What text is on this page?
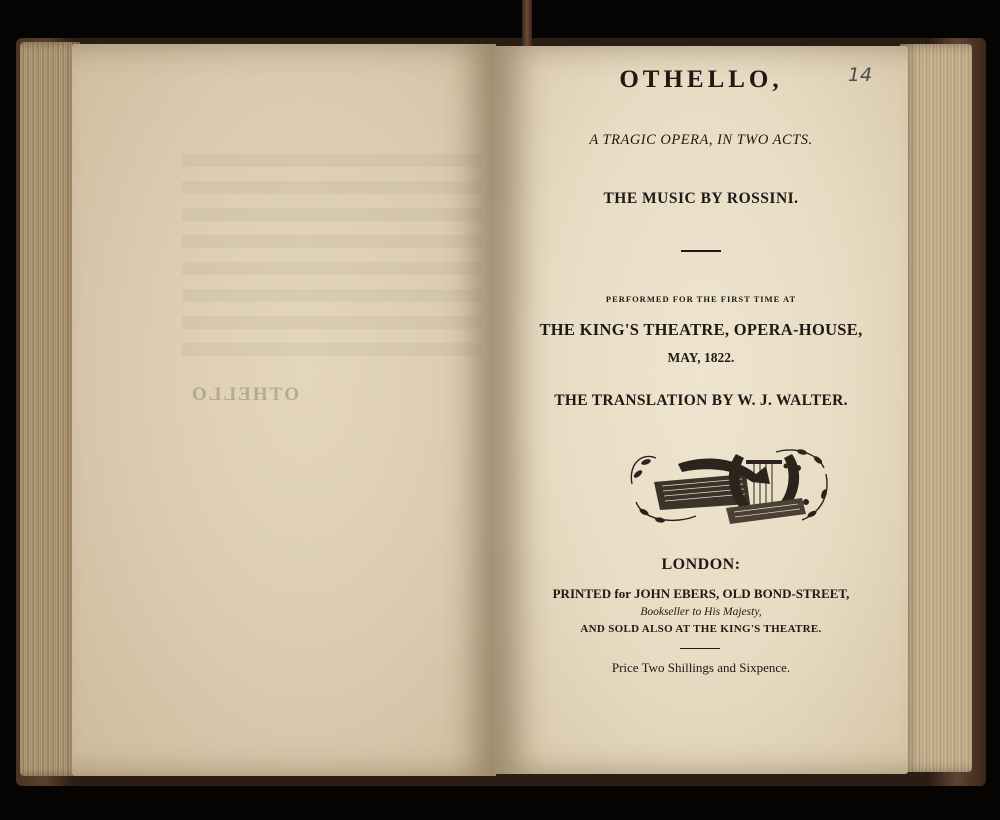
OTHELLO

OTHELLO,	14

A TRAGIC OPERA, IN TWO ACTS.

THE MUSIC BY ROSSINI.

PERFORMED FOR THE FIRST TIME AT

THE KING'S THEATRE, OPERA-HOUSE,

MAY, 1822.

THE TRANSLATION BY W. J. WALTER.

LONDON:

PRINTED for JOHN EBERS, OLD BOND-STREET,

Bookseller to His Majesty,

AND SOLD ALSO AT THE KING'S THEATRE.

Price Two Shillings and Sixpence.
